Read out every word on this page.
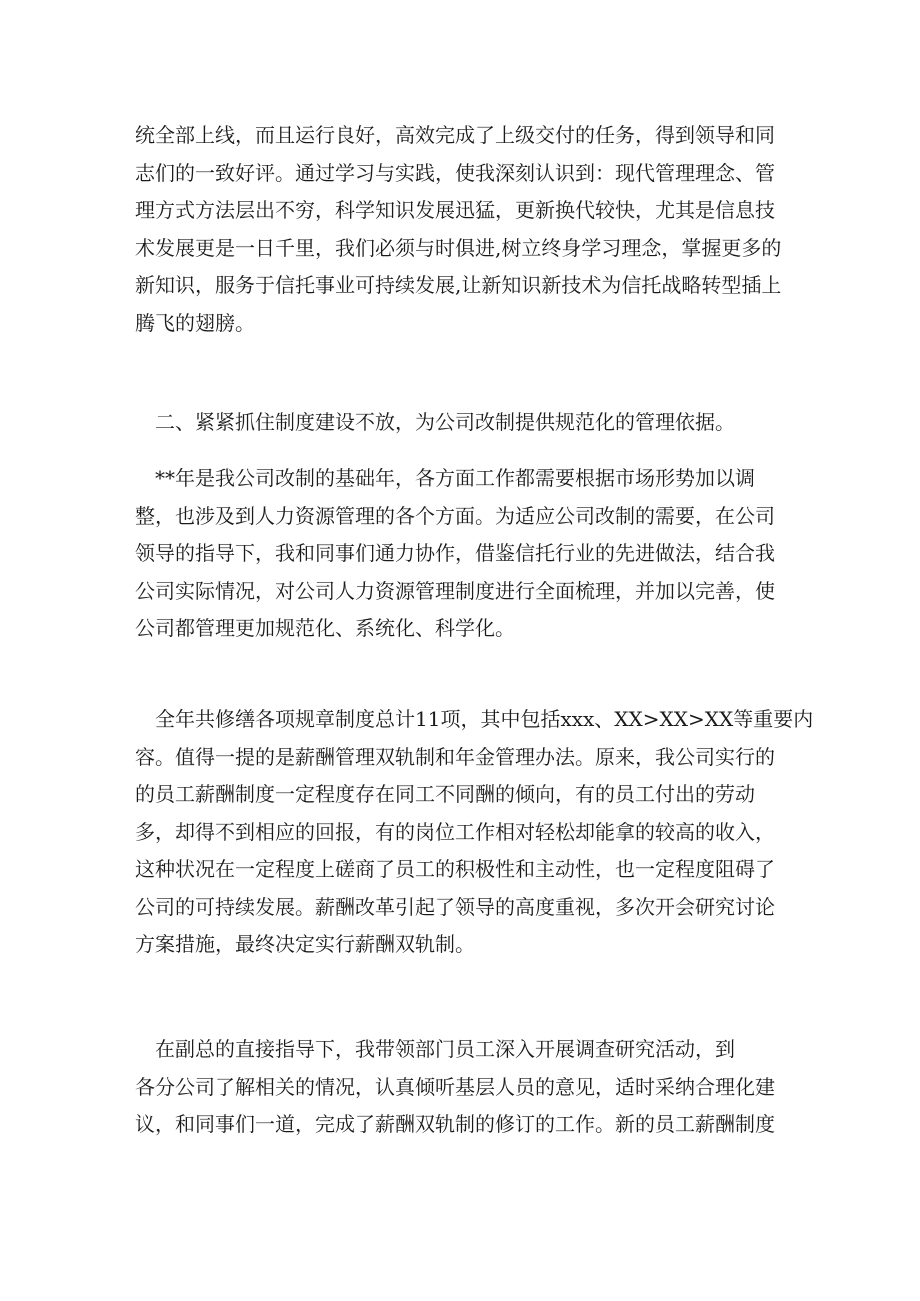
统全部上线，而且运行良好，高效完成了上级交付的任务，得到领导和同
志们的一致好评。通过学习与实践，使我深刻认识到：现代管理理念、管
理方式方法层出不穷，科学知识发展迅猛，更新换代较快，尤其是信息技
术发展更是一日千里，我们必须与时俱进,树立终身学习理念，掌握更多的
新知识，服务于信托事业可持续发展,让新知识新技术为信托战略转型插上
腾飞的翅膀。
二、紧紧抓住制度建设不放，为公司改制提供规范化的管理依据。
**年是我公司改制的基础年，各方面工作都需要根据市场形势加以调
整，也涉及到人力资源管理的各个方面。为适应公司改制的需要，在公司
领导的指导下，我和同事们通力协作，借鉴信托行业的先进做法，结合我
公司实际情况，对公司人力资源管理制度进行全面梳理，并加以完善，使
公司都管理更加规范化、系统化、科学化。
全年共修缮各项规章制度总计11项，其中包括xxx、XX>XX>XX等重要内
容。值得一提的是薪酬管理双轨制和年金管理办法。原来，我公司实行的
的员工薪酬制度一定程度存在同工不同酬的倾向，有的员工付出的劳动
多，却得不到相应的回报，有的岗位工作相对轻松却能拿的较高的收入，
这种状况在一定程度上磋商了员工的积极性和主动性，也一定程度阻碍了
公司的可持续发展。薪酬改革引起了领导的高度重视，多次开会研究讨论
方案措施，最终决定实行薪酬双轨制。
在副总的直接指导下，我带领部门员工深入开展调查研究活动，到
各分公司了解相关的情况，认真倾听基层人员的意见，适时采纳合理化建
议，和同事们一道，完成了薪酬双轨制的修订的工作。新的员工薪酬制度
